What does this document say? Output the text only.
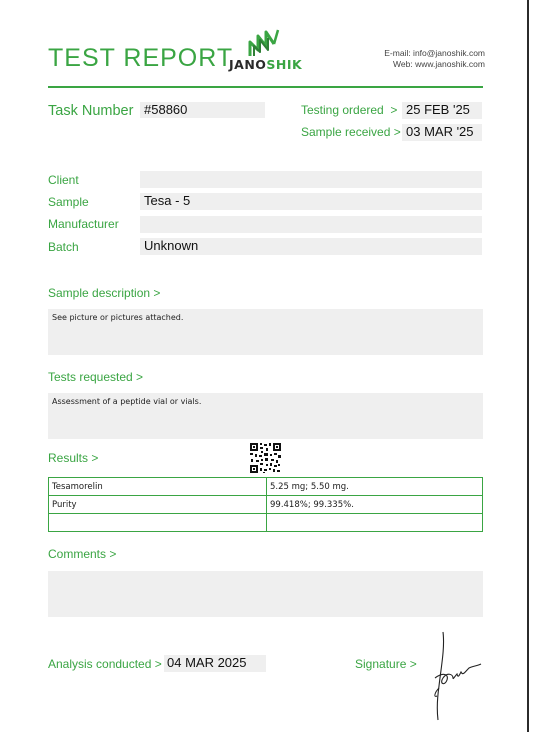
TEST REPORT
JANOSHIK
E-mail: info@janoshik.com
Web: www.janoshik.com
Task Number #58860	Testing ordered  > 25 FEB '25
Sample received > 03 MAR '25
Client
Sample	Tesa - 5
Manufacturer
Batch	Unknown
Sample description >
See picture or pictures attached.
Tests requested >
Assessment of a peptide vial or vials.
Results >
Tesamorelin	5.25 mg; 5.50 mg.
Purity	99.418%; 99.335%.

Comments >
Analysis conducted > 04 MAR 2025	Signature >
